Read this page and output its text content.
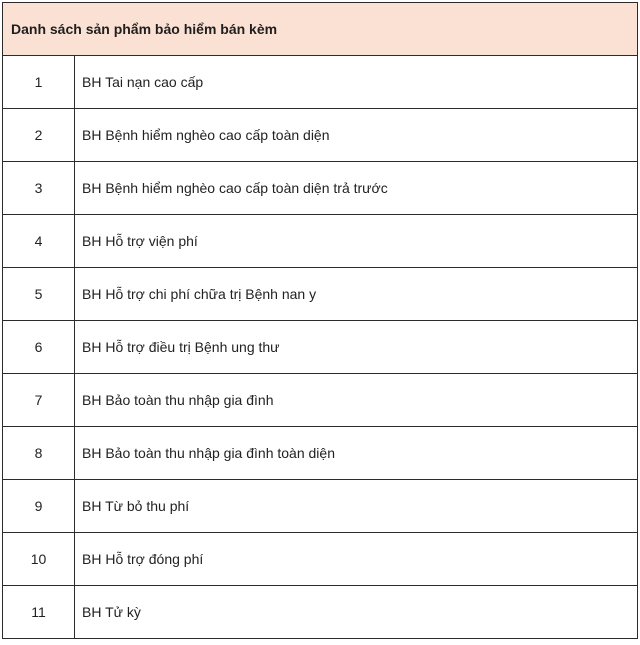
Danh sách sản phẩm bảo hiểm bán kèm	
1	BH Tai nạn cao cấp
2	BH Bệnh hiểm nghèo cao cấp toàn diện
3	BH Bệnh hiểm nghèo cao cấp toàn diện trả trước
4	BH Hỗ trợ viện phí
5	BH Hỗ trợ chi phí chữa trị Bệnh nan y
6	BH Hỗ trợ điều trị Bệnh ung thư
7	BH Bảo toàn thu nhập gia đình
8	BH Bảo toàn thu nhập gia đình toàn diện
9	BH Từ bỏ thu phí
10	BH Hỗ trợ đóng phí
11	BH Tử kỳ
